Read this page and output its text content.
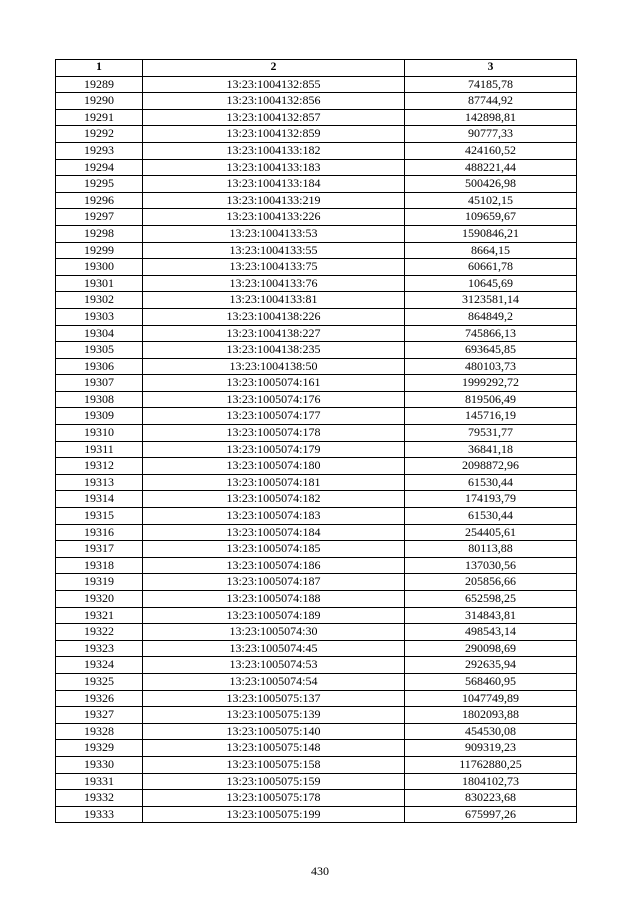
1	2	3
19289	13:23:1004132:855	74185,78
19290	13:23:1004132:856	87744,92
19291	13:23:1004132:857	142898,81
19292	13:23:1004132:859	90777,33
19293	13:23:1004133:182	424160,52
19294	13:23:1004133:183	488221,44
19295	13:23:1004133:184	500426,98
19296	13:23:1004133:219	45102,15
19297	13:23:1004133:226	109659,67
19298	13:23:1004133:53	1590846,21
19299	13:23:1004133:55	8664,15
19300	13:23:1004133:75	60661,78
19301	13:23:1004133:76	10645,69
19302	13:23:1004133:81	3123581,14
19303	13:23:1004138:226	864849,2
19304	13:23:1004138:227	745866,13
19305	13:23:1004138:235	693645,85
19306	13:23:1004138:50	480103,73
19307	13:23:1005074:161	1999292,72
19308	13:23:1005074:176	819506,49
19309	13:23:1005074:177	145716,19
19310	13:23:1005074:178	79531,77
19311	13:23:1005074:179	36841,18
19312	13:23:1005074:180	2098872,96
19313	13:23:1005074:181	61530,44
19314	13:23:1005074:182	174193,79
19315	13:23:1005074:183	61530,44
19316	13:23:1005074:184	254405,61
19317	13:23:1005074:185	80113,88
19318	13:23:1005074:186	137030,56
19319	13:23:1005074:187	205856,66
19320	13:23:1005074:188	652598,25
19321	13:23:1005074:189	314843,81
19322	13:23:1005074:30	498543,14
19323	13:23:1005074:45	290098,69
19324	13:23:1005074:53	292635,94
19325	13:23:1005074:54	568460,95
19326	13:23:1005075:137	1047749,89
19327	13:23:1005075:139	1802093,88
19328	13:23:1005075:140	454530,08
19329	13:23:1005075:148	909319,23
19330	13:23:1005075:158	11762880,25
19331	13:23:1005075:159	1804102,73
19332	13:23:1005075:178	830223,68
19333	13:23:1005075:199	675997,26
430
